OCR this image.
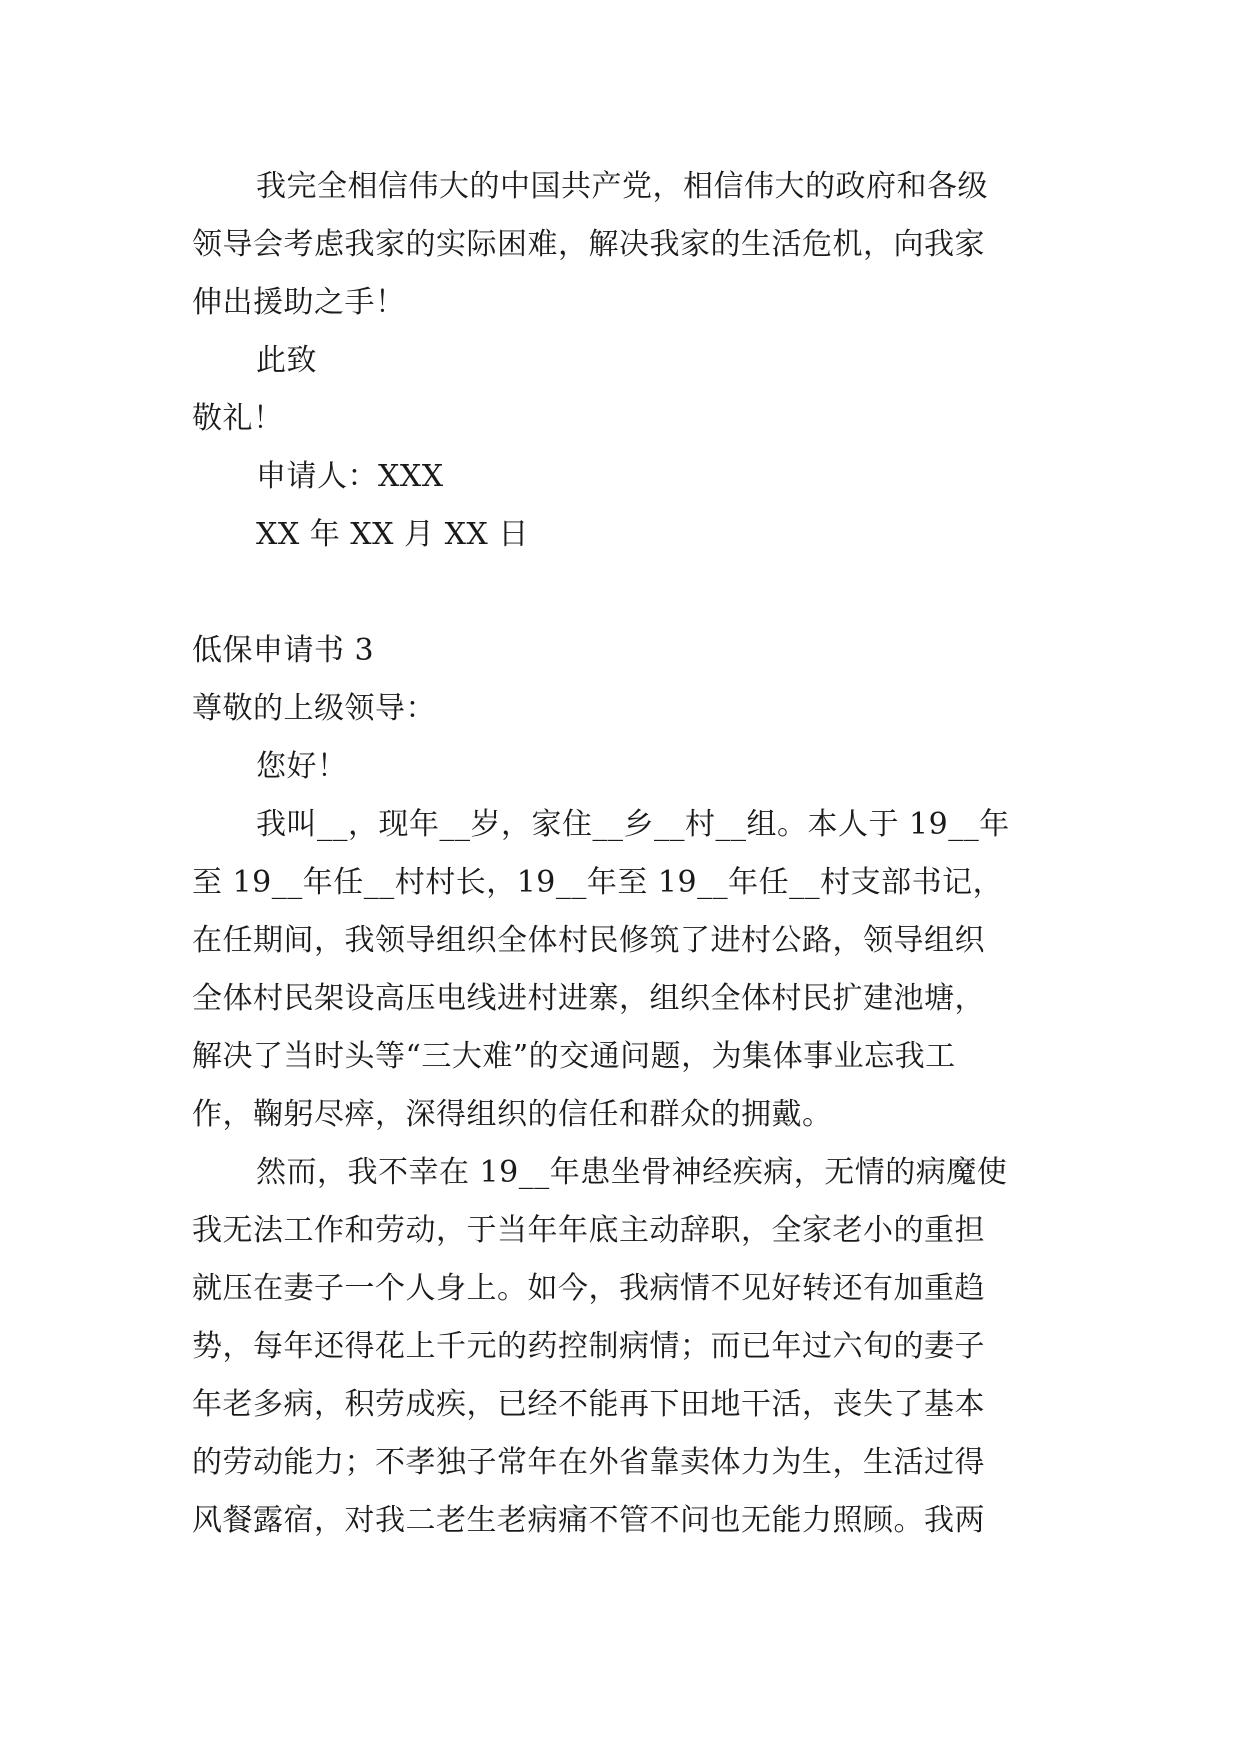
我完全相信伟大的中国共产党，相信伟大的政府和各级
领导会考虑我家的实际困难，解决我家的生活危机，向我家
伸出援助之手！
此致
敬礼！
申请人：XXX
XX 年 XX 月 XX 日
低保申请书 3
尊敬的上级领导：
您好！
我叫__，现年__岁，家住__乡__村__组。本人于 19__年
至 19__年任__村村长，19__年至 19__年任__村支部书记，
在任期间，我领导组织全体村民修筑了进村公路，领导组织
全体村民架设高压电线进村进寨，组织全体村民扩建池塘，
解决了当时头等“三大难”的交通问题，为集体事业忘我工
作，鞠躬尽瘁，深得组织的信任和群众的拥戴。
然而，我不幸在 19__年患坐骨神经疾病，无情的病魔使
我无法工作和劳动，于当年年底主动辞职，全家老小的重担
就压在妻子一个人身上。如今，我病情不见好转还有加重趋
势，每年还得花上千元的药控制病情；而已年过六旬的妻子
年老多病，积劳成疾，已经不能再下田地干活，丧失了基本
的劳动能力；不孝独子常年在外省靠卖体力为生，生活过得
风餐露宿，对我二老生老病痛不管不问也无能力照顾。我两
